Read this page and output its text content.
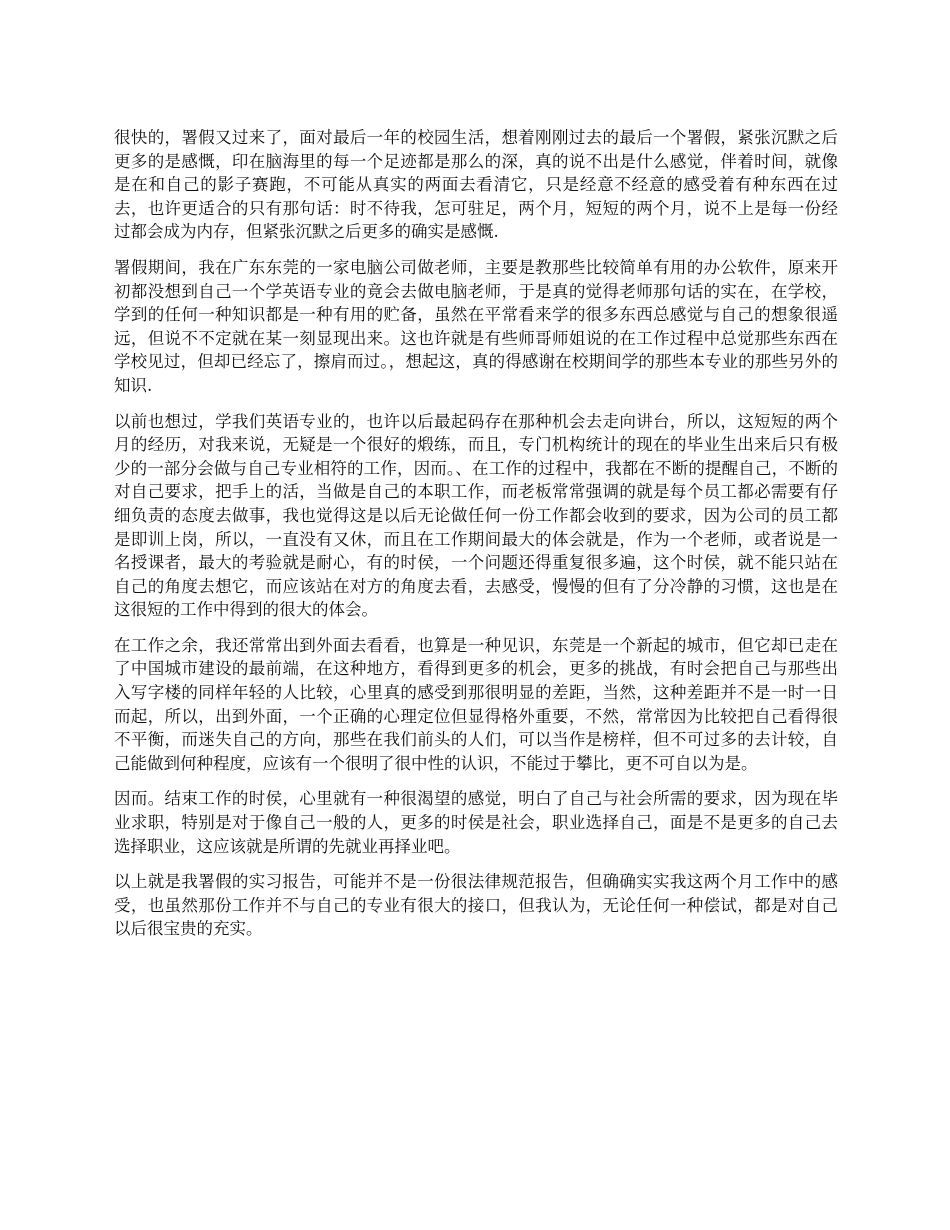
很快的，署假又过来了，面对最后一年的校园生活，想着刚刚过去的最后一个署假，紧张沉默之后更多的是感慨，印在脑海里的每一个足迹都是那么的深，真的说不出是什么感觉，伴着时间，就像是在和自己的影子赛跑，不可能从真实的两面去看清它，只是经意不经意的感受着有种东西在过去，也许更适合的只有那句话：时不待我，怎可驻足，两个月，短短的两个月，说不上是每一份经过都会成为内存，但紧张沉默之后更多的确实是感慨.

署假期间，我在广东东莞的一家电脑公司做老师，主要是教那些比较简单有用的办公软件，原来开初都没想到自己一个学英语专业的竟会去做电脑老师，于是真的觉得老师那句话的实在，在学校，学到的任何一种知识都是一种有用的贮备，虽然在平常看来学的很多东西总感觉与自己的想象很遥远，但说不不定就在某一刻显现出来。这也许就是有些师哥师姐说的在工作过程中总觉那些东西在学校见过，但却已经忘了，擦肩而过。，想起这，真的得感谢在校期间学的那些本专业的那些另外的知识.

以前也想过，学我们英语专业的，也许以后最起码存在那种机会去走向讲台，所以，这短短的两个月的经历，对我来说，无疑是一个很好的煅练，而且，专门机构统计的现在的毕业生出来后只有极少的一部分会做与自己专业相符的工作，因而。、在工作的过程中，我都在不断的提醒自己，不断的对自己要求，把手上的活，当做是自己的本职工作，而老板常常强调的就是每个员工都必需要有仔细负责的态度去做事，我也觉得这是以后无论做任何一份工作都会收到的要求，因为公司的员工都是即训上岗，所以，一直没有又休，而且在工作期间最大的体会就是，作为一个老师，或者说是一名授课者，最大的考验就是耐心，有的时侯，一个问题还得重复很多遍，这个时侯，就不能只站在自己的角度去想它，而应该站在对方的角度去看，去感受，慢慢的但有了分冷静的习惯，这也是在这很短的工作中得到的很大的体会。

在工作之余，我还常常出到外面去看看，也算是一种见识，东莞是一个新起的城市，但它却已走在了中国城市建设的最前端，在这种地方，看得到更多的机会，更多的挑战，有时会把自己与那些出入写字楼的同样年轻的人比较，心里真的感受到那很明显的差距，当然，这种差距并不是一时一日而起，所以，出到外面，一个正确的心理定位但显得格外重要，不然，常常因为比较把自己看得很不平衡，而迷失自己的方向，那些在我们前头的人们，可以当作是榜样，但不可过多的去计较，自己能做到何种程度，应该有一个很明了很中性的认识，不能过于攀比，更不可自以为是。

因而。结束工作的时侯，心里就有一种很渴望的感觉，明白了自己与社会所需的要求，因为现在毕业求职，特别是对于像自己一般的人，更多的时侯是社会，职业选择自己，面是不是更多的自己去选择职业，这应该就是所谓的先就业再择业吧。

以上就是我署假的实习报告，可能并不是一份很法律规范报告，但确确实实我这两个月工作中的感受，也虽然那份工作并不与自己的专业有很大的接口，但我认为，无论任何一种偿试，都是对自己以后很宝贵的充实。
